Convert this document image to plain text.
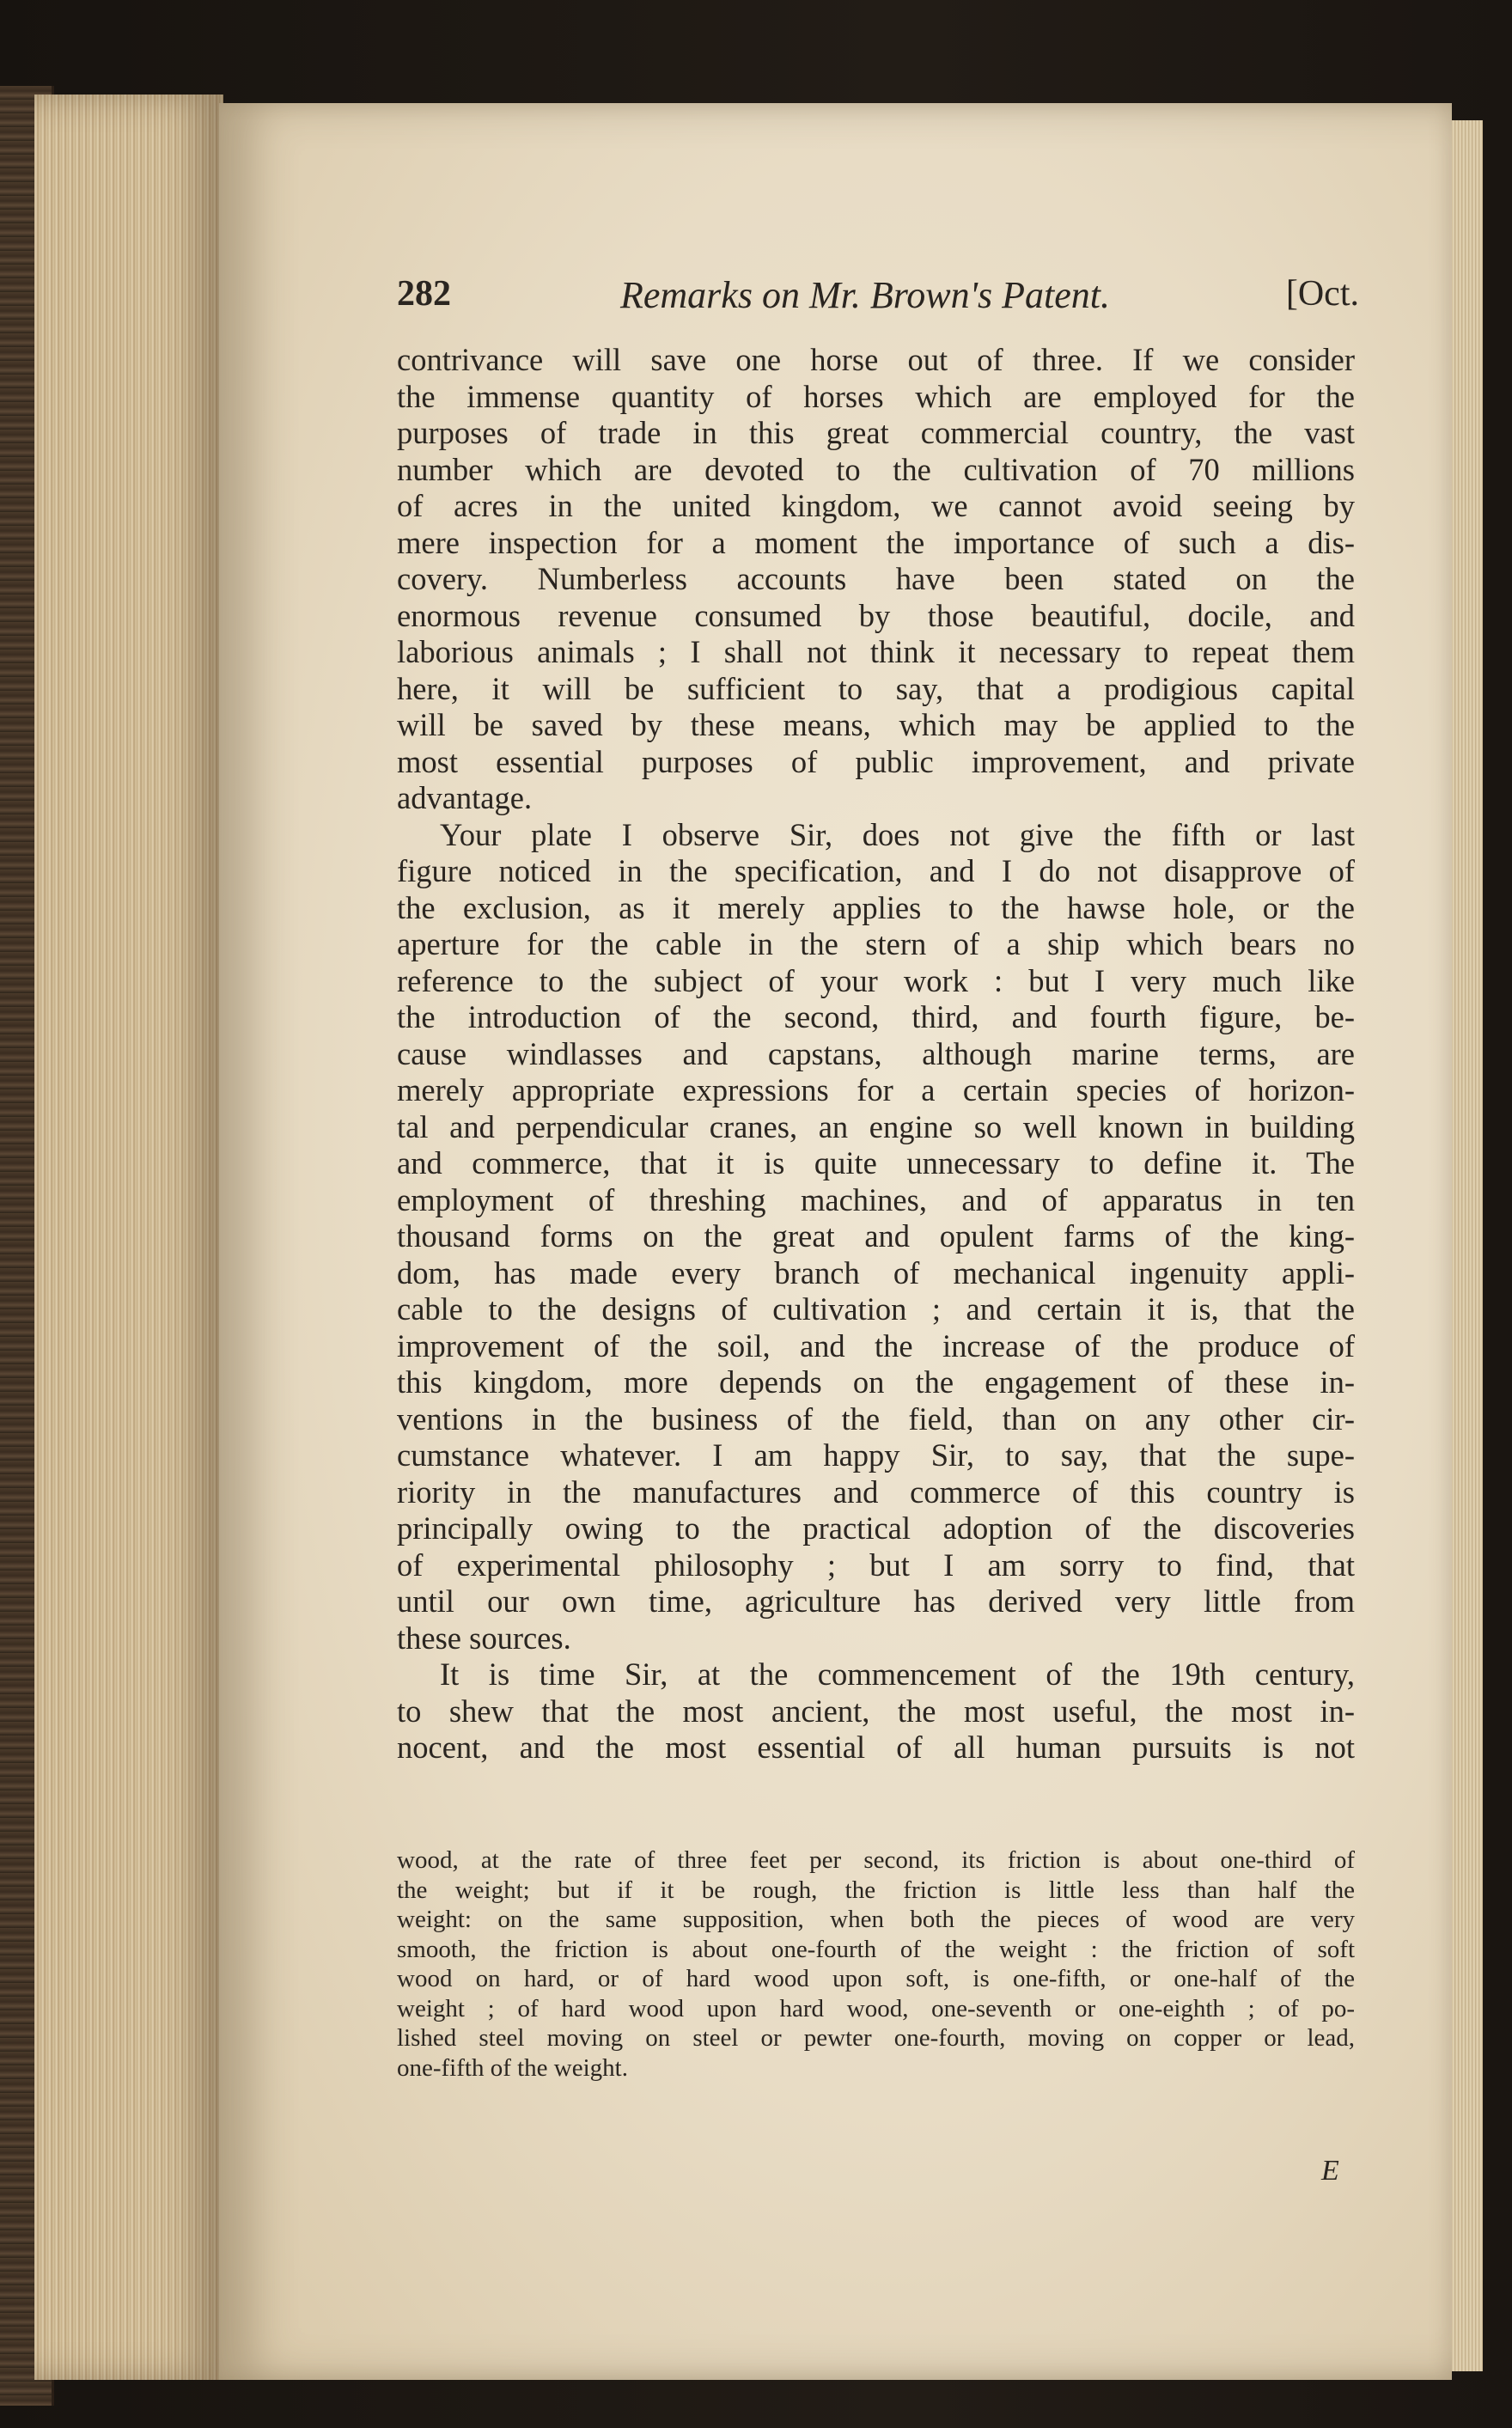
282	Remarks on Mr. Brown's Patent.	[Oct.
contrivance will save one horse out of three. If we consider
the immense quantity of horses which are employed for the
purposes of trade in this great commercial country, the vast
number which are devoted to the cultivation of 70 millions
of acres in the united kingdom, we cannot avoid seeing by
mere inspection for a moment the importance of such a dis-
covery. Numberless accounts have been stated on the
enormous revenue consumed by those beautiful, docile, and
laborious animals ; I shall not think it necessary to repeat them
here, it will be sufficient to say, that a prodigious capital
will be saved by these means, which may be applied to the
most essential purposes of public improvement, and private
advantage.
Your plate I observe Sir, does not give the fifth or last
figure noticed in the specification, and I do not disapprove of
the exclusion, as it merely applies to the hawse hole, or the
aperture for the cable in the stern of a ship which bears no
reference to the subject of your work : but I very much like
the introduction of the second, third, and fourth figure, be-
cause windlasses and capstans, although marine terms, are
merely appropriate expressions for a certain species of horizon-
tal and perpendicular cranes, an engine so well known in building
and commerce, that it is quite unnecessary to define it. The
employment of threshing machines, and of apparatus in ten
thousand forms on the great and opulent farms of the king-
dom, has made every branch of mechanical ingenuity appli-
cable to the designs of cultivation ; and certain it is, that the
improvement of the soil, and the increase of the produce of
this kingdom, more depends on the engagement of these in-
ventions in the business of the field, than on any other cir-
cumstance whatever. I am happy Sir, to say, that the supe-
riority in the manufactures and commerce of this country is
principally owing to the practical adoption of the discoveries
of experimental philosophy ; but I am sorry to find, that
until our own time, agriculture has derived very little from
these sources.
It is time Sir, at the commencement of the 19th century,
to shew that the most ancient, the most useful, the most in-
nocent, and the most essential of all human pursuits is not
wood, at the rate of three feet per second, its friction is about one-third of
the weight; but if it be rough, the friction is little less than half the
weight: on the same supposition, when both the pieces of wood are very
smooth, the friction is about one-fourth of the weight : the friction of soft
wood on hard, or of hard wood upon soft, is one-fifth, or one-half of the
weight ; of hard wood upon hard wood, one-seventh or one-eighth ; of po-
lished steel moving on steel or pewter one-fourth, moving on copper or lead,
one-fifth of the weight.
E
